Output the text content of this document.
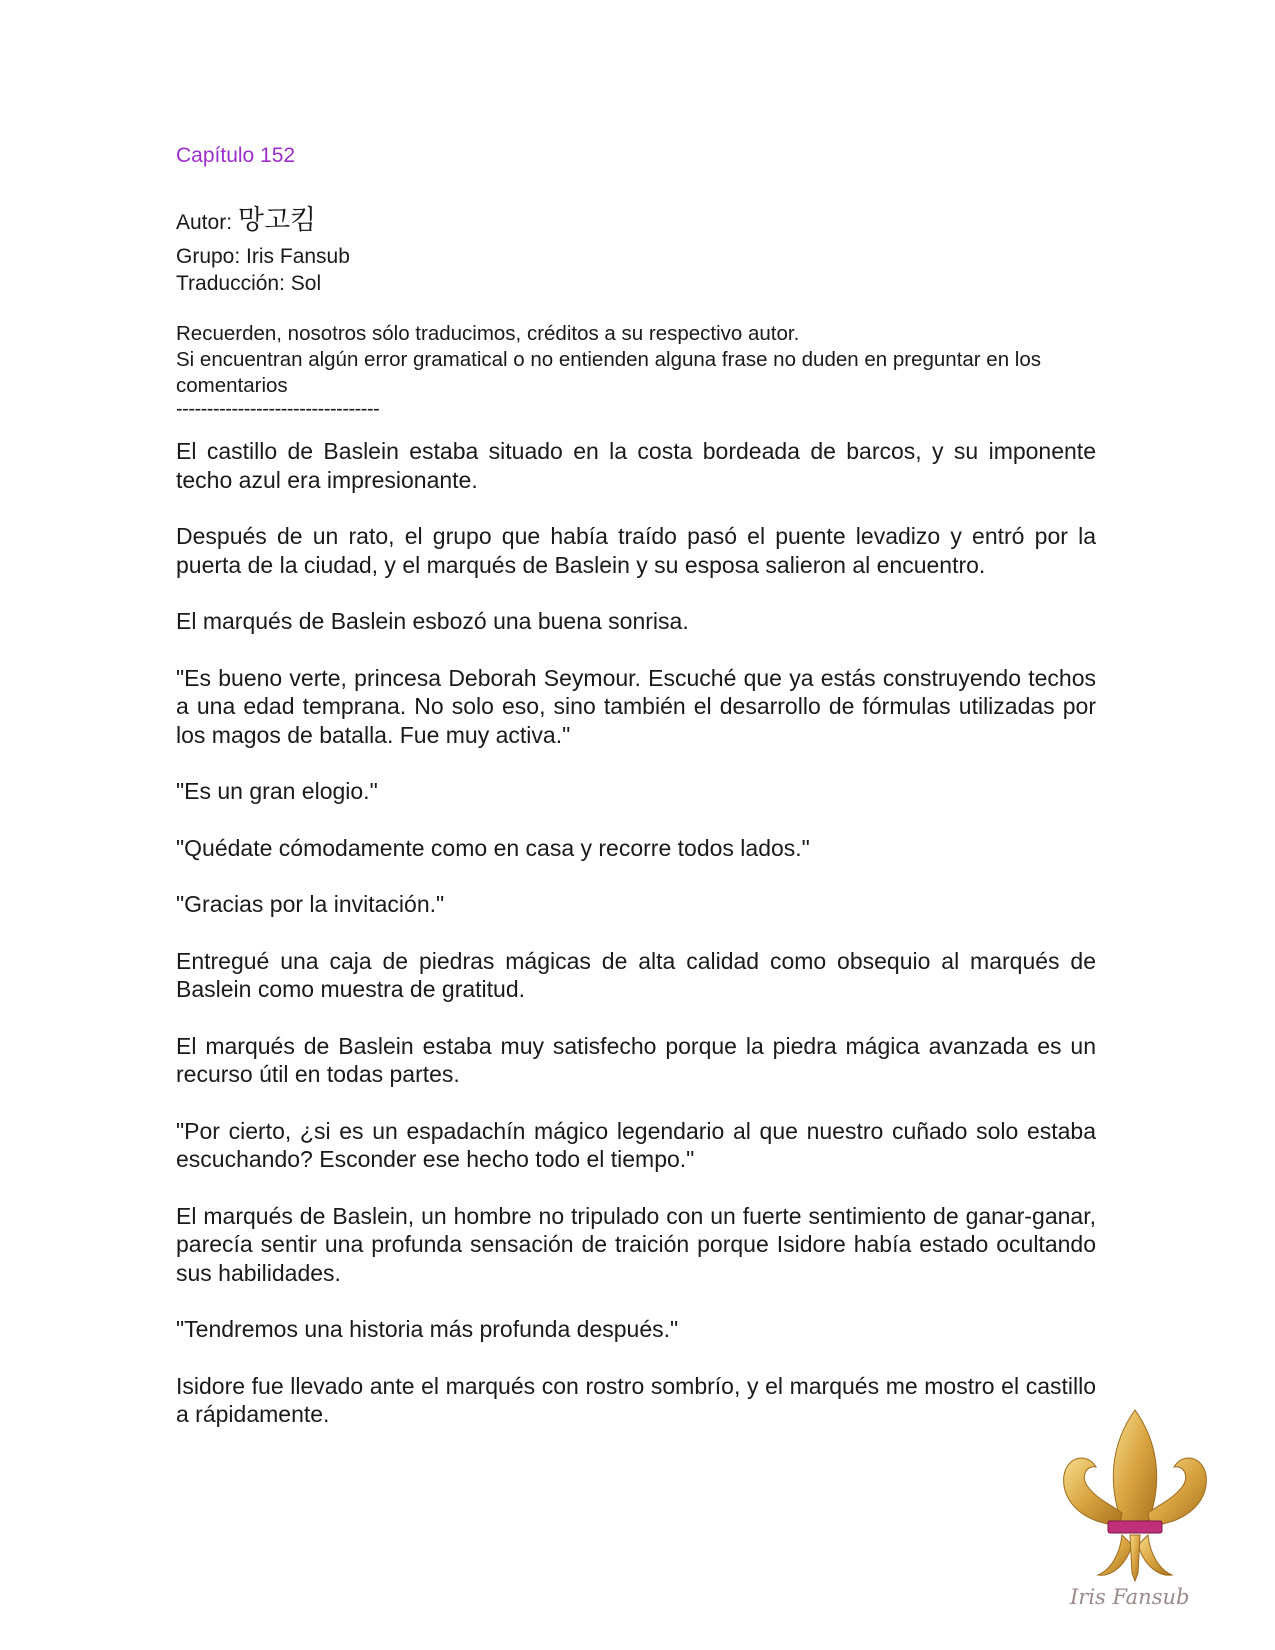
Capítulo 152
Autor: 망고킴

Grupo: Iris Fansub

Traducción: Sol

Recuerden, nosotros sólo traducimos, créditos a su respectivo autor.

Si encuentran algún error gramatical o no entienden alguna frase no duden en preguntar en los comentarios

---------------------------------

El castillo de Baslein estaba situado en la costa bordeada de barcos, y su imponente techo azul era impresionante.

Después de un rato, el grupo que había traído pasó el puente levadizo y entró por la puerta de la ciudad, y el marqués de Baslein y su esposa salieron al encuentro.

El marqués de Baslein esbozó una buena sonrisa.

"Es bueno verte, princesa Deborah Seymour. Escuché que ya estás construyendo techos a una edad temprana. No solo eso, sino también el desarrollo de fórmulas utilizadas por los magos de batalla. Fue muy activa."

"Es un gran elogio."

"Quédate cómodamente como en casa y recorre todos lados."

"Gracias por la invitación."

Entregué una caja de piedras mágicas de alta calidad como obsequio al marqués de Baslein como muestra de gratitud.

El marqués de Baslein estaba muy satisfecho porque la piedra mágica avanzada es un recurso útil en todas partes.

"Por cierto, ¿si es un espadachín mágico legendario al que nuestro cuñado solo estaba escuchando? Esconder ese hecho todo el tiempo."

El marqués de Baslein, un hombre no tripulado con un fuerte sentimiento de ganar-ganar, parecía sentir una profunda sensación de traición porque Isidore había estado ocultando sus habilidades.

"Tendremos una historia más profunda después."

Isidore fue llevado ante el marqués con rostro sombrío, y el marqués me mostro el castillo a rápidamente.

Iris Fansub
